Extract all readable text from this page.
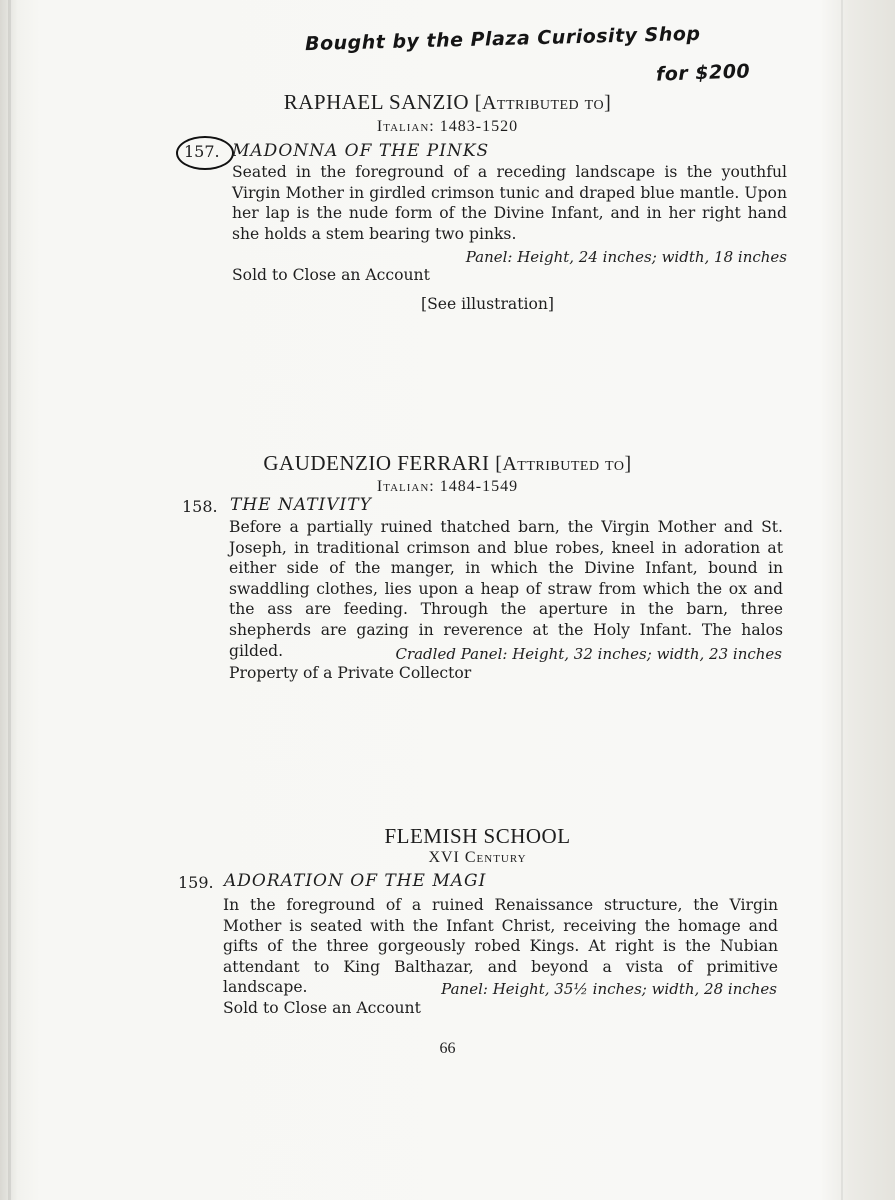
Bought by the Plaza Curiosity Shop
for $200
RAPHAEL SANZIO [Attributed to]
Italian: 1483-1520
157. MADONNA OF THE PINKS
Seated in the foreground of a receding landscape is the youthful Virgin Mother in girdled crimson tunic and draped blue mantle. Upon her lap is the nude form of the Divine Infant, and in her right hand she holds a stem bearing two pinks.
Panel: Height, 24 inches; width, 18 inches
Sold to Close an Account
[See illustration]
GAUDENZIO FERRARI [Attributed to]
Italian: 1484-1549
158. THE NATIVITY
Before a partially ruined thatched barn, the Virgin Mother and St. Joseph, in traditional crimson and blue robes, kneel in adoration at either side of the manger, in which the Divine Infant, bound in swaddling clothes, lies upon a heap of straw from which the ox and the ass are feeding. Through the aperture in the barn, three shepherds are gazing in reverence at the Holy Infant. The halos gilded.	Cradled Panel: Height, 32 inches; width, 23 inches
Property of a Private Collector
FLEMISH SCHOOL
XVI Century
159. ADORATION OF THE MAGI
In the foreground of a ruined Renaissance structure, the Virgin Mother is seated with the Infant Christ, receiving the homage and gifts of the three gorgeously robed Kings. At right is the Nubian attendant to King Balthazar, and beyond a vista of primitive landscape.	Panel: Height, 35½ inches; width, 28 inches
Sold to Close an Account
66
